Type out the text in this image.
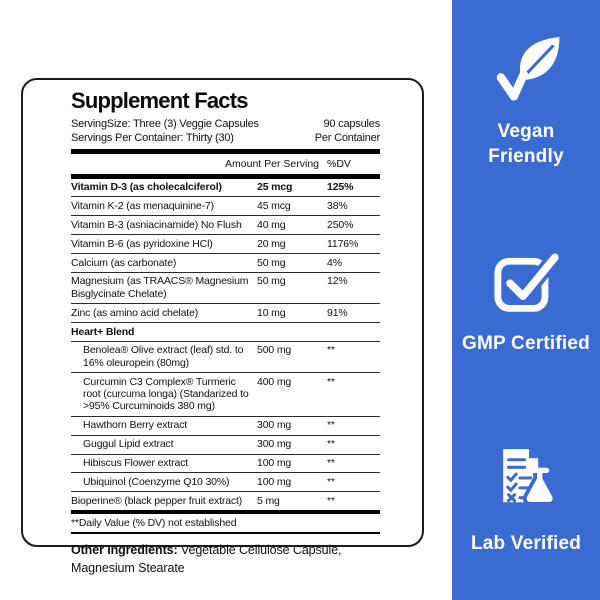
Supplement Facts
ServingSize: Three (3) Veggie Capsules
Servings Per Container: Thirty (30)
90 capsules
Per Container
Amount Per Serving %DV
Vitamin D-3 (as cholecalciferol)	25 mcg	125%
Vitamin K-2 (as menaquinine-7)	45 mcg	38%
Vitamin B-3 (asniacinamide) No Flush	40 mg	250%
Vitamin B-6 (as pyridoxine HCl)	20 mg	1176%
Calcium (as carbonate)	50 mg	4%
Magnesium (as TRAACS® Magnesium Bisglycinate Chelate)
50 mg	12%
Zinc (as amino acid chelate)	10 mg	91%
Heart+ Blend
Benolea® Olive extract (leaf) std. to 16% oleuropein (80mg)
500 mg	**
Curcumin C3 Complex® Turmeric root (curcuma longa) (Standarized to >95% Curcuminoids 380 mg)
400 mg	**
Hawthorn Berry extract	300 mg	**
Guggul Lipid extract	300 mg	**
Hibiscus Flower extract	100 mg	**
Ubiquinol (Coenzyme Q10 30%)	100 mg	**
Bioperine® (black pepper fruit extract)	5 mg	**
**Daily Value (% DV) not established
Other Ingredients: Vegetable Cellulose Capsule, Magnesium Stearate
Vegan Friendly
GMP Certified
Lab Verified
